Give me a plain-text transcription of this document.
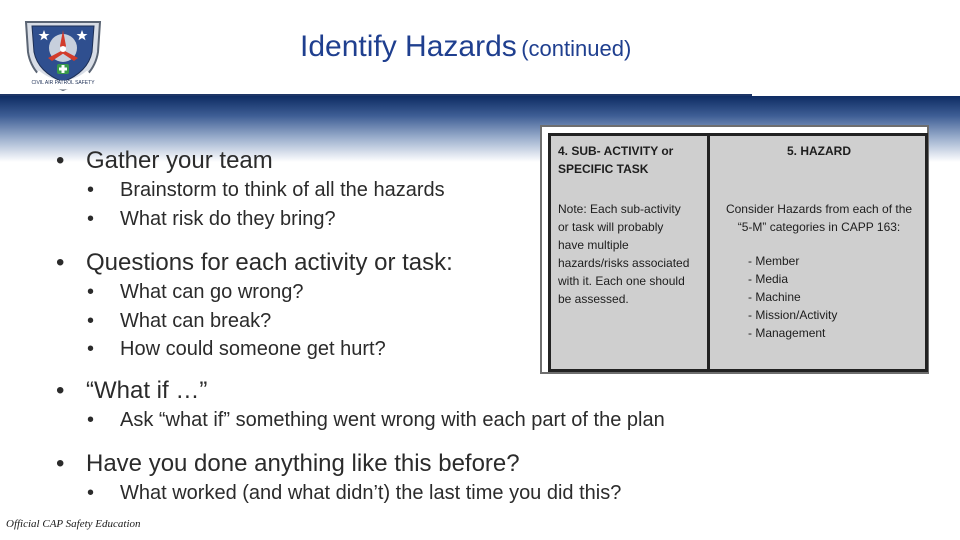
CIVIL AIR PATROL SAFETY
Identify Hazards (continued)
• Gather your team
• Brainstorm to think of all the hazards
• What risk do they bring?
• Questions for each activity or task:
• What can go wrong?
• What can break?
• How could someone get hurt?
• “What if …”
• Ask “what if” something went wrong with each part of the plan
• Have you done anything like this before?
• What worked (and what didn’t) the last time you did this?
4. SUB- ACTIVITY or
SPECIFIC TASK
5. HAZARD
Note: Each sub-activity
or task will probably
have multiple
hazards/risks associated
with it. Each one should
be assessed.
Consider Hazards from each of the
“5-M” categories in CAPP 163:
- Member
- Media
- Machine
- Mission/Activity
- Management
Official CAP Safety Education
